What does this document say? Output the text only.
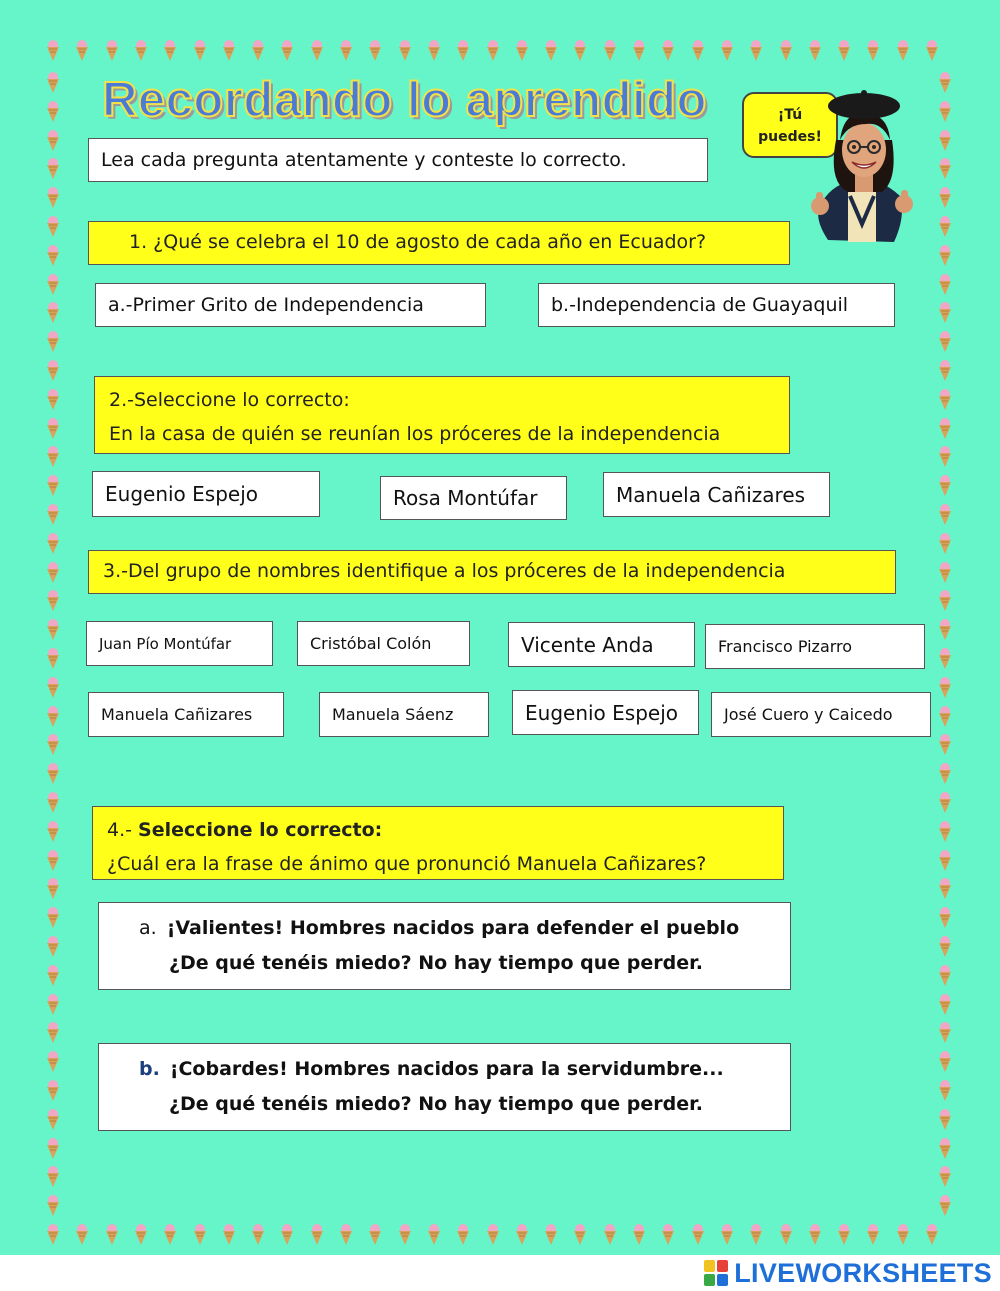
Recordando lo aprendido
Lea cada pregunta atentamente y conteste lo correcto.
¡Tú
puedes!
1. ¿Qué se celebra el 10 de agosto de cada año en Ecuador?
a.-Primer Grito de Independencia	b.-Independencia de Guayaquil
2.-Seleccione lo correcto:
En la casa de quién se reunían los próceres de la independencia
Eugenio Espejo	Rosa Montúfar	Manuela Cañizares
3.-Del grupo de nombres identifique a los próceres de la independencia
Juan Pío Montúfar	Cristóbal Colón	Vicente Anda	Francisco Pizarro
Manuela Cañizares	Manuela Sáenz	Eugenio Espejo	José Cuero y Caicedo
4.- Seleccione lo correcto:
¿Cuál era la frase de ánimo que pronunció Manuela Cañizares?
a. ¡Valientes! Hombres nacidos para defender el pueblo
¿De qué tenéis miedo? No hay tiempo que perder.
b. ¡Cobardes! Hombres nacidos para la servidumbre...
¿De qué tenéis miedo? No hay tiempo que perder.
LIVEWORKSHEETS
